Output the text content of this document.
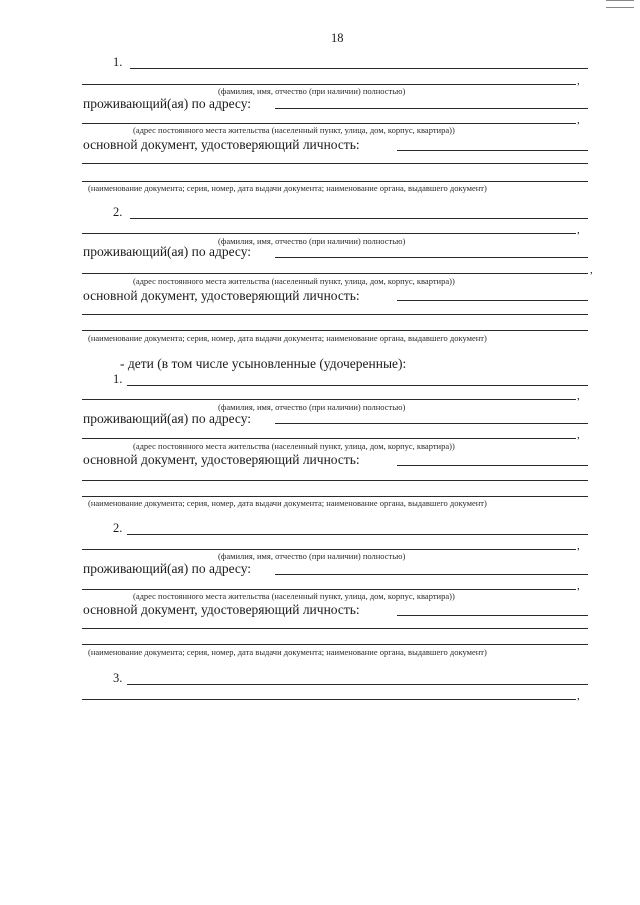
18
1.
,
(фамилия, имя, отчество (при наличии) полностью)
проживающий(ая) по адресу:
,
(адрес постоянного места жительства (населенный пункт, улица, дом, корпус, квартира))
основной документ, удостоверяющий личность:
(наименование документа; серия, номер, дата выдачи документа; наименование органа, выдавшего документ)
2.
,
(фамилия, имя, отчество (при наличии) полностью)
проживающий(ая) по адресу:
,
(адрес постоянного места жительства (населенный пункт, улица, дом, корпус, квартира))
основной документ, удостоверяющий личность:
(наименование документа; серия, номер, дата выдачи документа; наименование органа, выдавшего документ)
- дети (в том числе усыновленные (удочеренные):
1.
,
(фамилия, имя, отчество (при наличии) полностью)
проживающий(ая) по адресу:
,
(адрес постоянного места жительства (населенный пункт, улица, дом, корпус, квартира))
основной документ, удостоверяющий личность:
(наименование документа; серия, номер, дата выдачи документа; наименование органа, выдавшего документ)
2.
,
(фамилия, имя, отчество (при наличии) полностью)
проживающий(ая) по адресу:
,
(адрес постоянного места жительства (населенный пункт, улица, дом, корпус, квартира))
основной документ, удостоверяющий личность:
(наименование документа; серия, номер, дата выдачи документа; наименование органа, выдавшего документ)
3.
,
